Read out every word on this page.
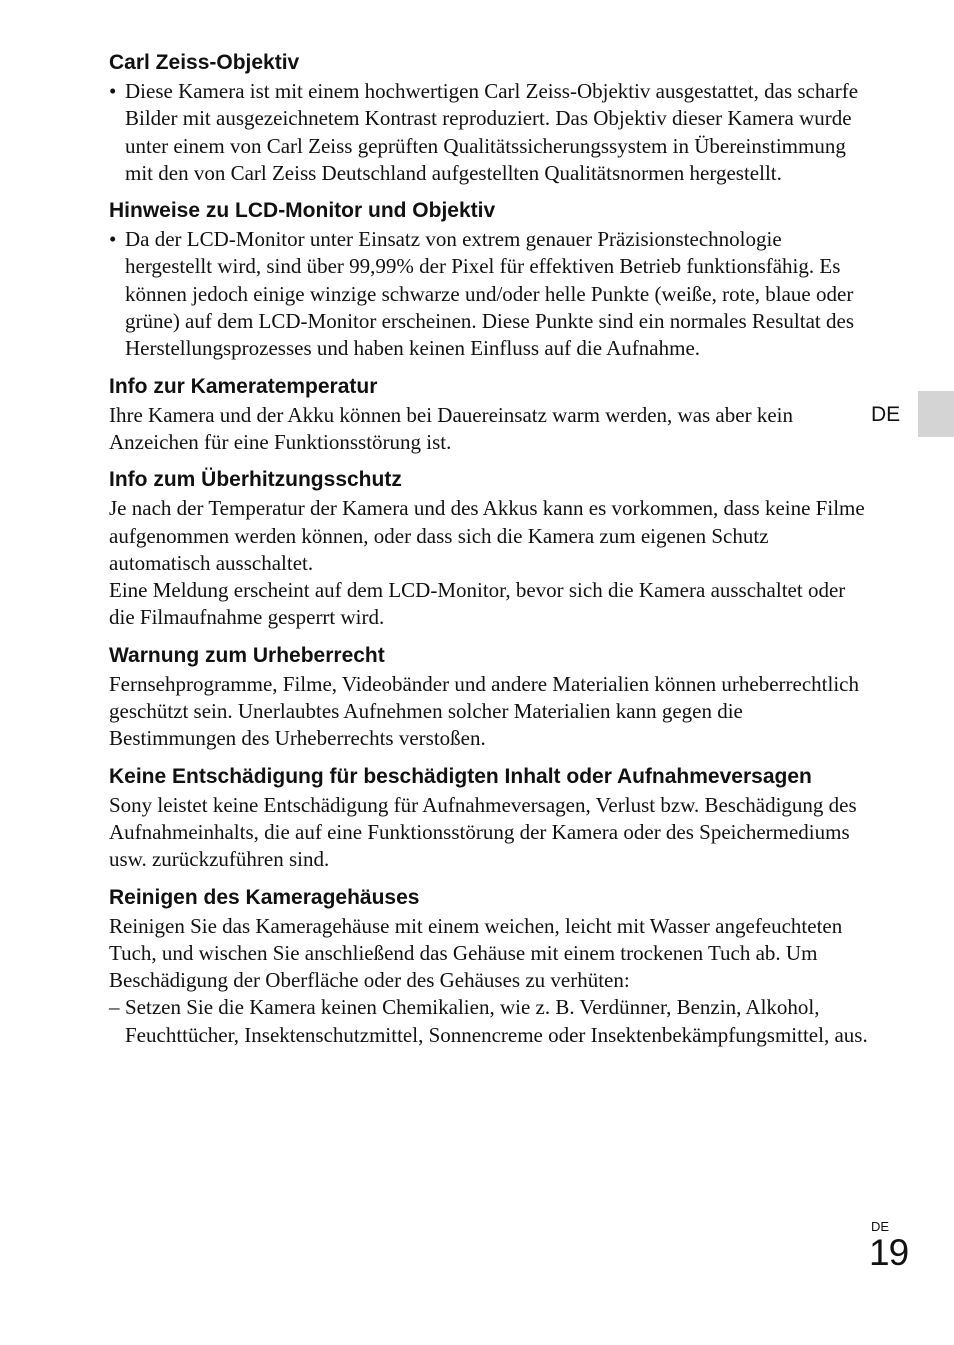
Carl Zeiss-Objektiv

• Diese Kamera ist mit einem hochwertigen Carl Zeiss-Objektiv ausgestattet, das scharfe Bilder mit ausgezeichnetem Kontrast reproduziert. Das Objektiv dieser Kamera wurde unter einem von Carl Zeiss geprüften Qualitätssicherungssystem in Übereinstimmung mit den von Carl Zeiss Deutschland aufgestellten Qualitätsnormen hergestellt.

Hinweise zu LCD-Monitor und Objektiv

• Da der LCD-Monitor unter Einsatz von extrem genauer Präzisionstechnologie hergestellt wird, sind über 99,99% der Pixel für effektiven Betrieb funktionsfähig. Es können jedoch einige winzige schwarze und/oder helle Punkte (weiße, rote, blaue oder grüne) auf dem LCD-Monitor erscheinen. Diese Punkte sind ein normales Resultat des Herstellungsprozesses und haben keinen Einfluss auf die Aufnahme.

Info zur Kameratemperatur

Ihre Kamera und der Akku können bei Dauereinsatz warm werden, was aber kein Anzeichen für eine Funktionsstörung ist.

Info zum Überhitzungsschutz

Je nach der Temperatur der Kamera und des Akkus kann es vorkommen, dass keine Filme aufgenommen werden können, oder dass sich die Kamera zum eigenen Schutz automatisch ausschaltet.

Eine Meldung erscheint auf dem LCD-Monitor, bevor sich die Kamera ausschaltet oder die Filmaufnahme gesperrt wird.

Warnung zum Urheberrecht

Fernsehprogramme, Filme, Videobänder und andere Materialien können urheberrechtlich geschützt sein. Unerlaubtes Aufnehmen solcher Materialien kann gegen die Bestimmungen des Urheberrechts verstoßen.

Keine Entschädigung für beschädigten Inhalt oder Aufnahmeversagen

Sony leistet keine Entschädigung für Aufnahmeversagen, Verlust bzw. Beschädigung des Aufnahmeinhalts, die auf eine Funktionsstörung der Kamera oder des Speichermediums usw. zurückzuführen sind.

Reinigen des Kameragehäuses

Reinigen Sie das Kameragehäuse mit einem weichen, leicht mit Wasser angefeuchteten Tuch, und wischen Sie anschließend das Gehäuse mit einem trockenen Tuch ab. Um Beschädigung der Oberfläche oder des Gehäuses zu verhüten:

– Setzen Sie die Kamera keinen Chemikalien, wie z. B. Verdünner, Benzin, Alkohol, Feuchttücher, Insektenschutzmittel, Sonnencreme oder Insektenbekämpfungsmittel, aus.

DE
DE
19
